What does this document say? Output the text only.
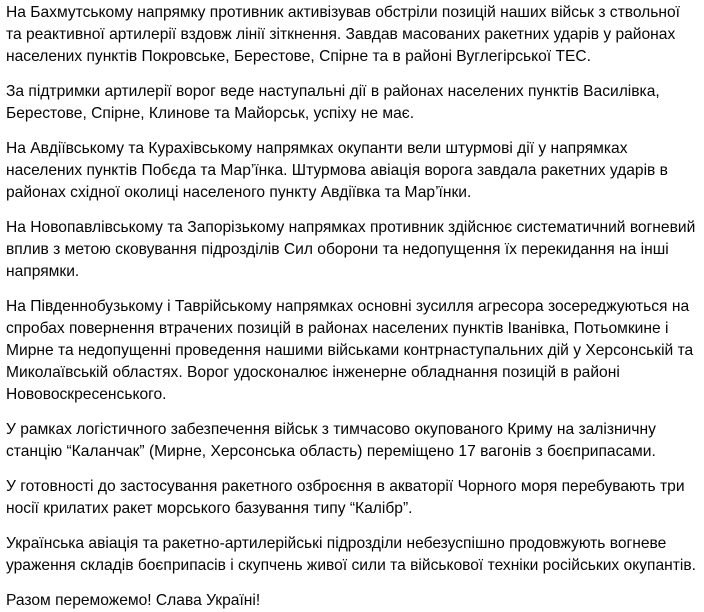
На Бахмутському напрямку противник активізував обстріли позицій наших військ з ствольної та реактивної артилерії вздовж лінії зіткнення. Завдав масованих ракетних ударів у районах населених пунктів Покровське, Берестове, Спірне та в районі Вуглегірської ТЕС.

За підтримки артилерії ворог веде наступальні дії в районах населених пунктів Василівка, Берестове, Спірне, Клинове та Майорськ, успіху не має.

На Авдіївському та Курахівському напрямках окупанти вели штурмові дії у напрямках населених пунктів Побєда та Мар’їнка. Штурмова авіація ворога завдала ракетних ударів в районах східної околиці населеного пункту Авдіївка та Мар’їнки.

На Новопавлівському та Запорізькому напрямках противник здійснює систематичний вогневий вплив з метою сковування підрозділів Сил оборони та недопущення їх перекидання на інші напрямки.

На Південнобузькому і Таврійському напрямках основні зусилля агресора зосереджуються на спробах повернення втрачених позицій в районах населених пунктів Іванівка, Потьомкине і Мирне та недопущенні проведення нашими військами контрнаступальних дій у Херсонській та Миколаївській областях. Ворог удосконалює інженерне обладнання позицій в районі Нововоскресенського.

У рамках логістичного забезпечення військ з тимчасово окупованого Криму на залізничну станцію “Каланчак” (Мирне, Херсонська область) переміщено 17 вагонів з боєприпасами.

У готовності до застосування ракетного озброєння в акваторії Чорного моря перебувають три носії крилатих ракет морського базування типу “Калібр”.

Українська авіація та ракетно-артилерійські підрозділи небезуспішно продовжують вогневе ураження складів боєприпасів і скупчень живої сили та військової техніки російських окупантів.

Разом переможемо! Слава Україні!
